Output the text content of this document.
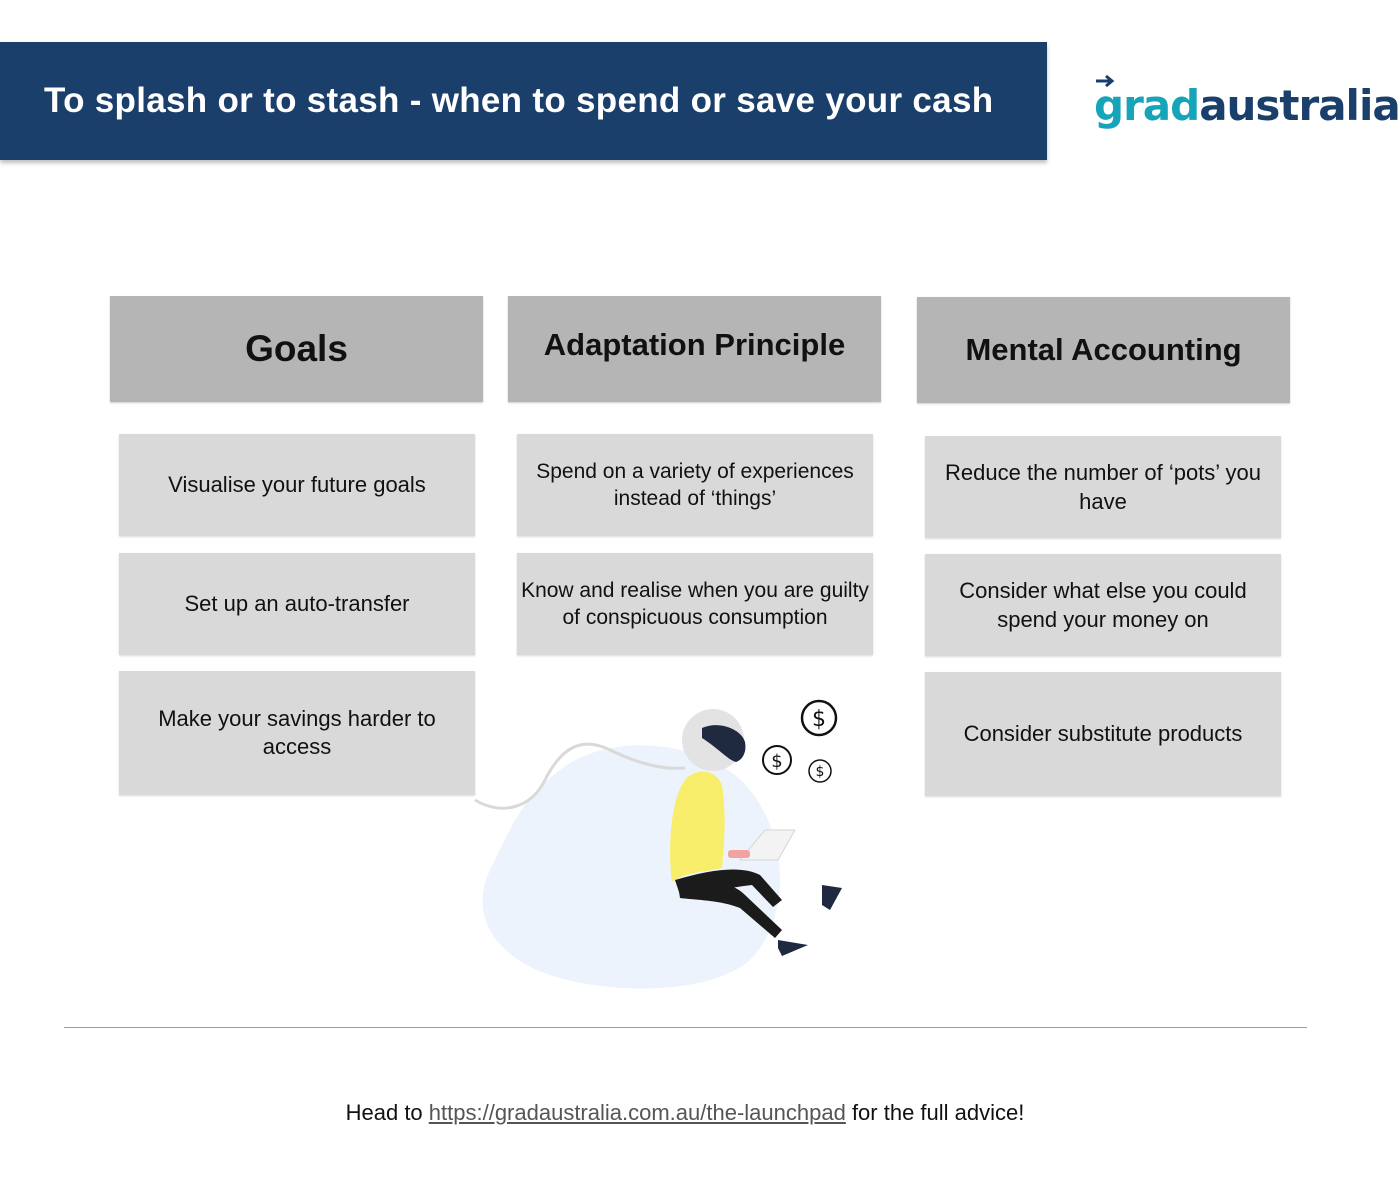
To splash or to stash - when to spend or save your cash grad australia
Goals	Adaptation Principle	Mental Accounting
Visualise your future goals
Set up an auto-transfer
Make your savings harder to access
Spend on a variety of experiences instead of ‘things’
Know and realise when you are guilty of conspicuous consumption
Reduce the number of ‘pots’ you have
Consider what else you could spend your money on
Consider substitute products
$
$ $
Head to https://gradaustralia.com.au/the-launchpad for the full advice!
